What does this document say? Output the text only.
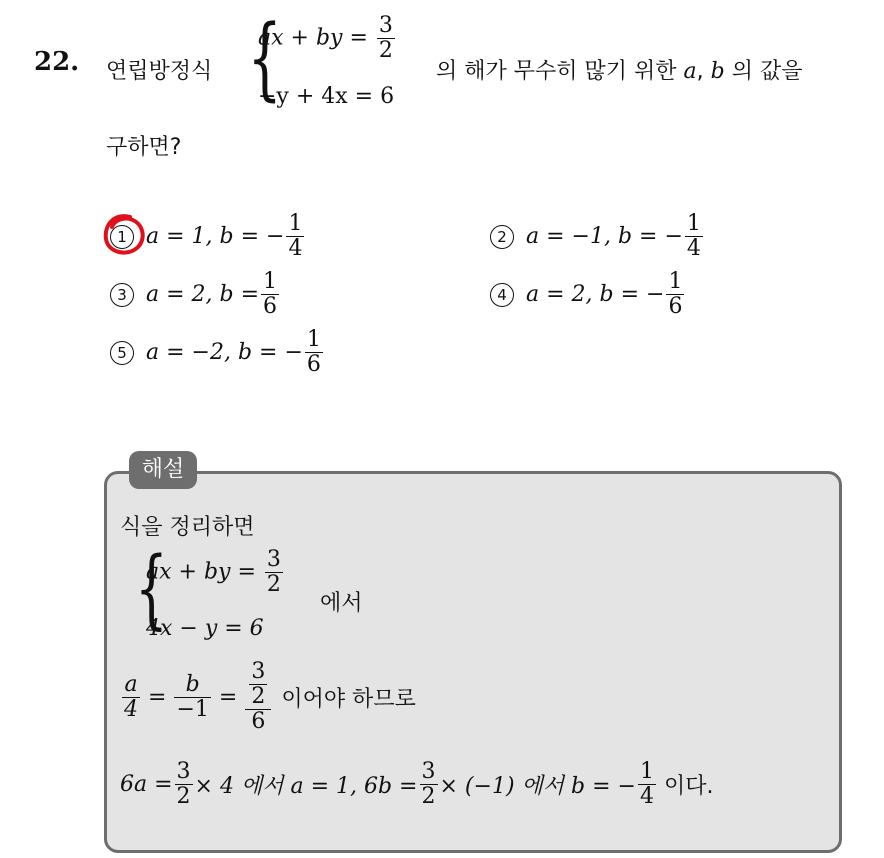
22. 연립방정식 {
ax + by = $\frac{3}{2}$
−y + 4x = 6
의 해가 무수히 많기 위한 a, b 의 값을
구하면?
1 a = 1, b = − $\frac{1}{4}$	2 a = −1, b = − $\frac{1}{4}$
3 a = 2, $b = \frac{1}{6}$	4 a = 2, b = − $\frac{1}{6}$
5 a = −2, b = − $\frac{1}{6}$
해설
식을 정리하면
{
ax + by = $\frac{3}{2}$
4x − y = 6
에서
$\frac{a}{4} = \frac{b}{-1} = \frac{\frac{3}{2}}{6}$ 이어야 하므로
$6a = \frac{3}{2} \times 4$ 에서 a = 1, $6b = \frac{3}{2} \times (-1)$ 에서 b = − $\frac{1}{4}$ 이다.
